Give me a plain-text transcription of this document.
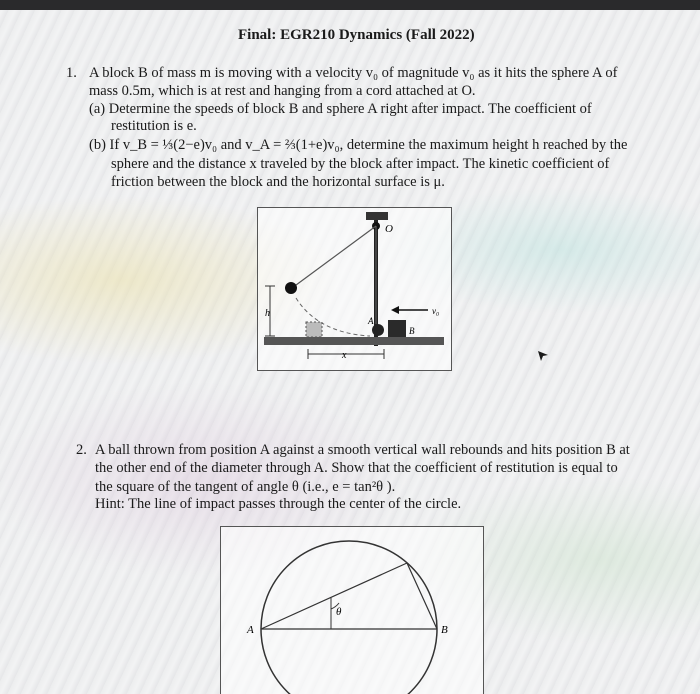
Final: EGR210 Dynamics (Fall 2022)
1. A block B of mass m is moving with a velocity v₀ of magnitude v₀ as it hits the sphere A of
mass 0.5m, which is at rest and hanging from a cord attached at O.
(a) Determine the speeds of block B and sphere A right after impact. The coefficient of
restitution is e.
(b) If v_B = ⅓(2−e)v₀ and v_A = ⅔(1+e)v₀, determine the maximum height h reached by the
sphere and the distance x traveled by the block after impact. The kinetic coefficient of
friction between the block and the horizontal surface is μ.
O
A
h
B
v₀
x
2. A ball thrown from position A against a smooth vertical wall rebounds and hits position B at
the other end of the diameter through A. Show that the coefficient of restitution is equal to
the square of the tangent of angle θ (i.e., e = tan²θ ).
Hint: The line of impact passes through the center of the circle.
θ
A	B
